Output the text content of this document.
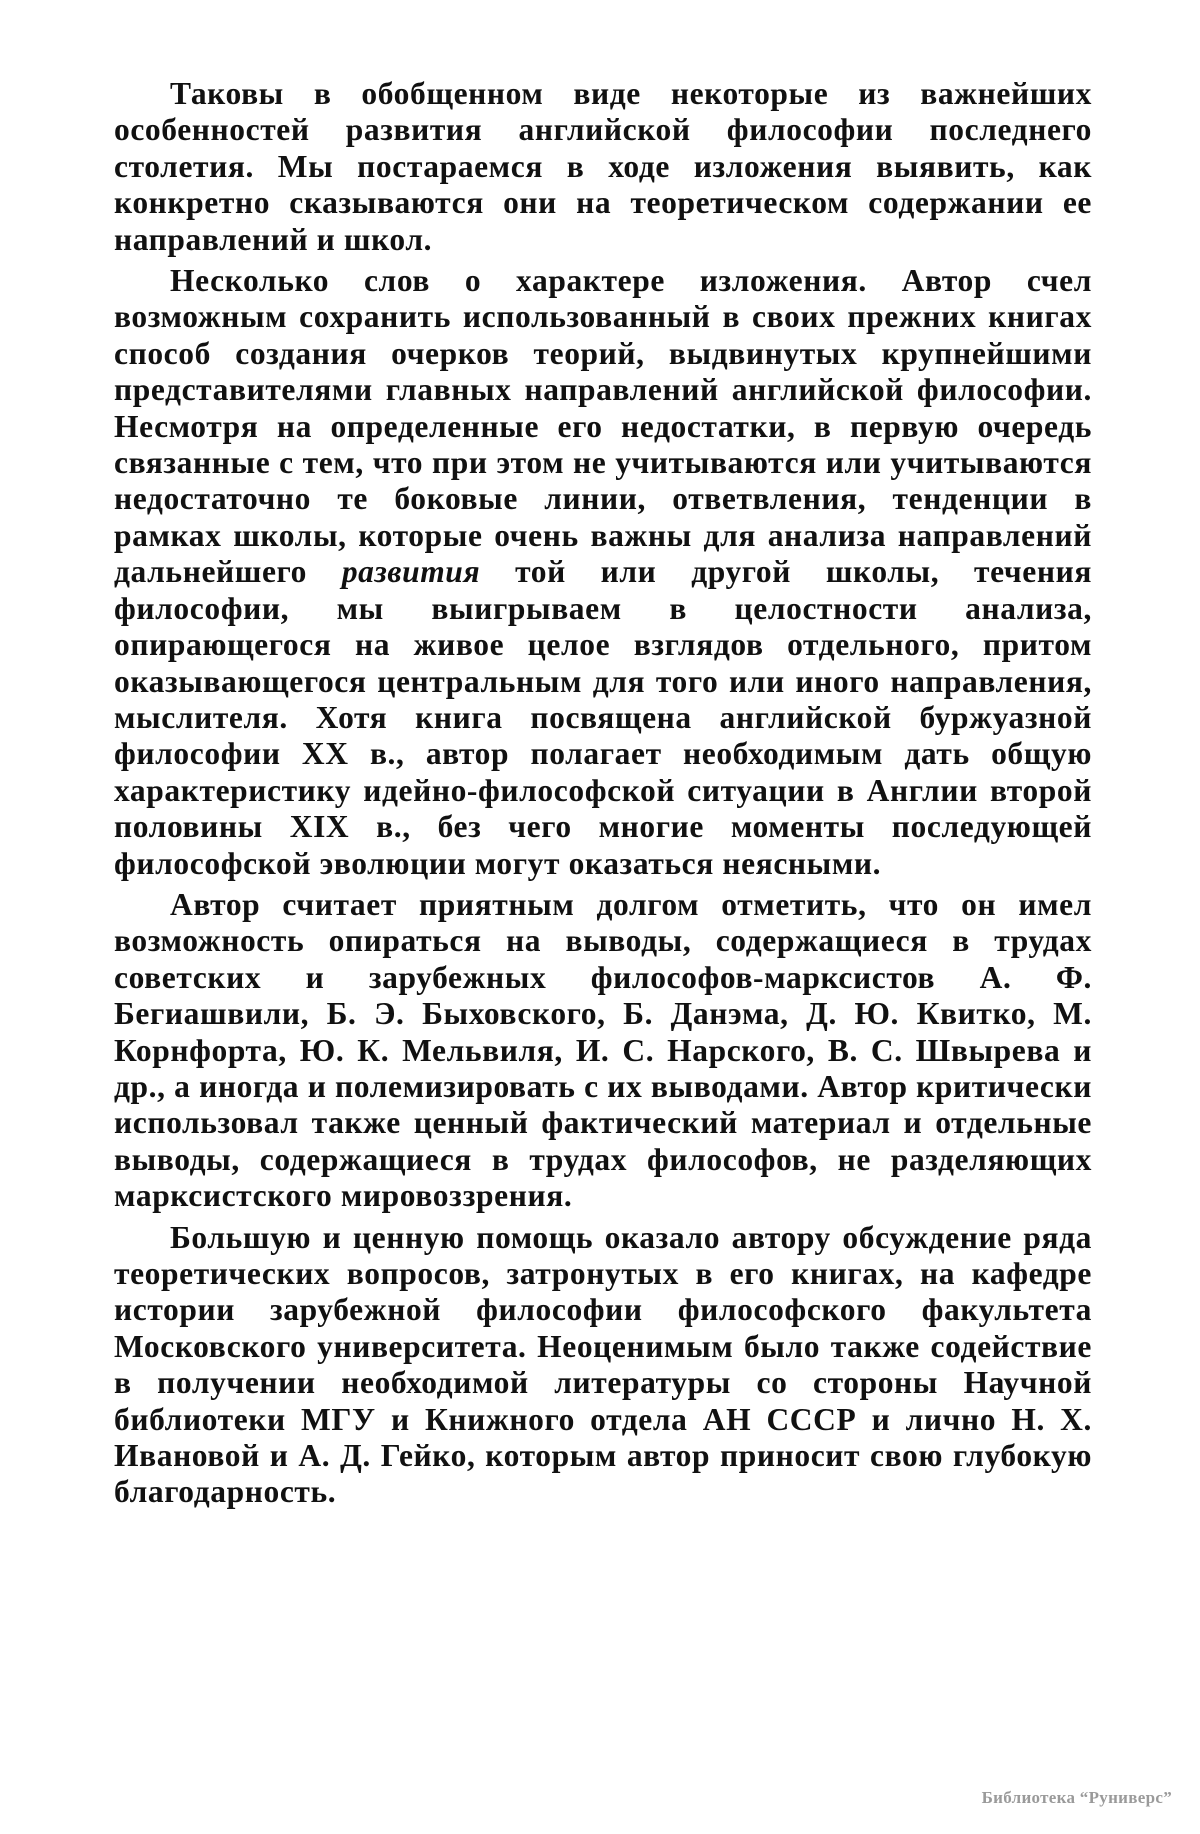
Таковы в обобщенном виде некоторые из важнейших особенностей развития английской философии последнего столетия. Мы постараемся в ходе изложения выявить, как конкретно сказываются они на теоретическом содержании ее направлений и школ.

Несколько слов о характере изложения. Автор счел возможным сохранить использованный в своих прежних книгах способ создания очерков теорий, выдвинутых крупнейшими представителями главных направлений английской философии. Несмотря на определенные его недостатки, в первую очередь связанные с тем, что при этом не учитываются или учитываются недостаточно те боковые линии, ответвления, тенденции в рамках школы, которые очень важны для анализа направлений дальнейшего развития той или другой школы, течения философии, мы выигрываем в целостности анализа, опирающегося на живое целое взглядов отдельного, притом оказывающегося центральным для того или иного направления, мыслителя. Хотя книга посвящена английской буржуазной философии XX в., автор полагает необходимым дать общую характеристику идейно-философской ситуации в Англии второй половины XIX в., без чего многие моменты последующей философской эволюции могут оказаться неясными.

Автор считает приятным долгом отметить, что он имел возможность опираться на выводы, содержащиеся в трудах советских и зарубежных философов-марксистов А. Ф. Бегиашвили, Б. Э. Быховского, Б. Данэма, Д. Ю. Квитко, М. Корнфорта, Ю. К. Мельвиля, И. С. Нарского, В. С. Швырева и др., а иногда и полемизировать с их выводами. Автор критически использовал также ценный фактический материал и отдельные выводы, содержащиеся в трудах философов, не разделяющих марксистского мировоззрения.

Большую и ценную помощь оказало автору обсуждение ряда теоретических вопросов, затронутых в его книгах, на кафедре истории зарубежной философии философского факультета Московского университета. Неоценимым было также содействие в получении необходимой литературы со стороны Научной библиотеки МГУ и Книжного отдела АН СССР и лично Н. Х. Ивановой и А. Д. Гейко, которым автор приносит свою глубокую благодарность.

Библиотека “Руниверс”
